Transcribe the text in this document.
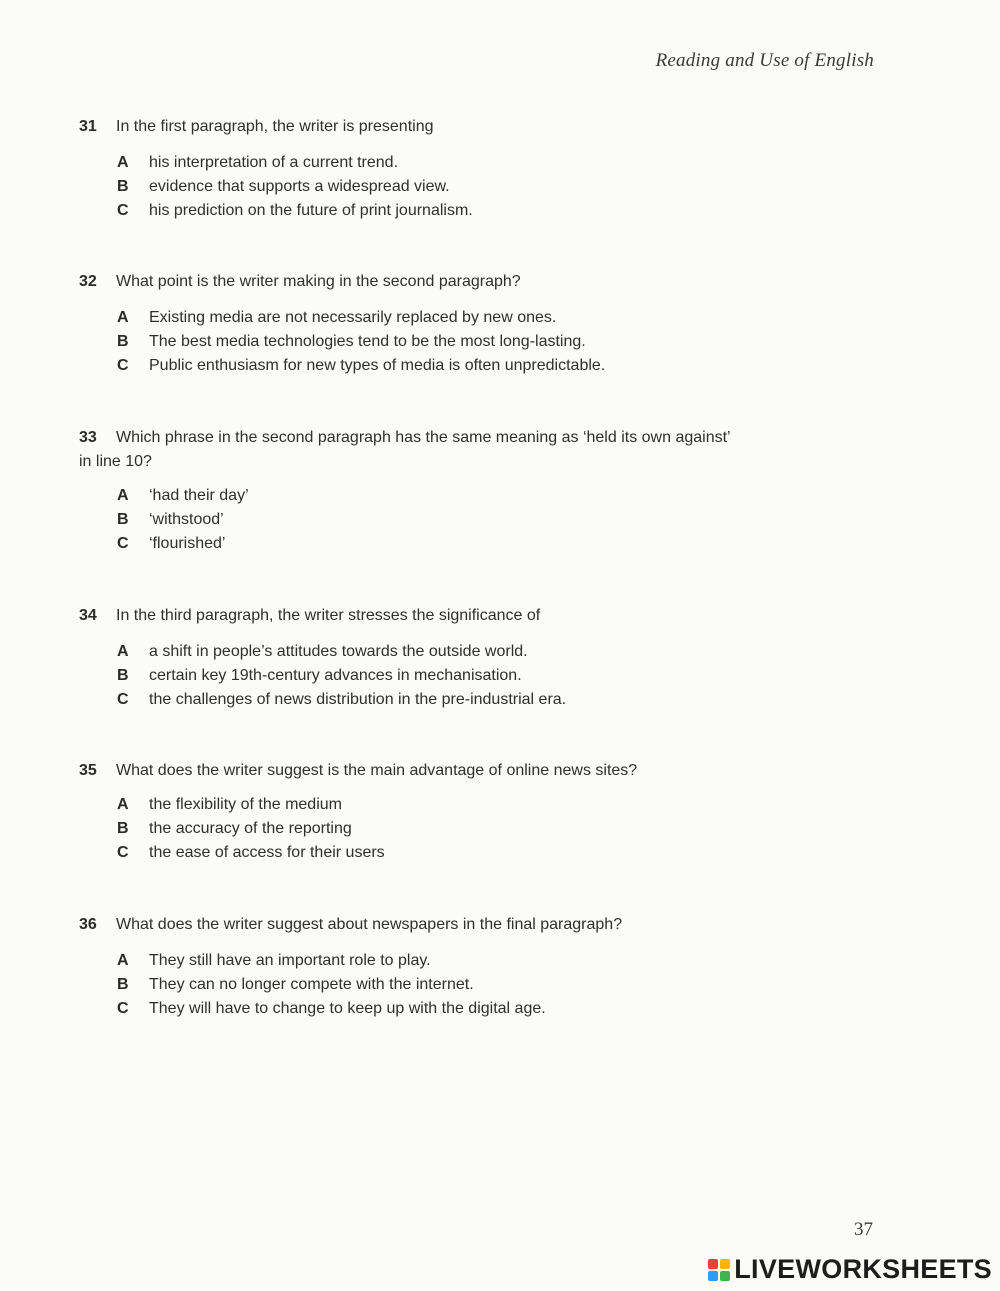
Reading and Use of English
31	In the first paragraph, the writer is presenting
A	his interpretation of a current trend.
B	evidence that supports a widespread view.
C	his prediction on the future of print journalism.
32	What point is the writer making in the second paragraph?
A	Existing media are not necessarily replaced by new ones.
B	The best media technologies tend to be the most long-lasting.
C	Public enthusiasm for new types of media is often unpredictable.
33	Which phrase in the second paragraph has the same meaning as ‘held its own against’
in line 10?
A	‘had their day’
B	‘withstood’
C	‘flourished’
34	In the third paragraph, the writer stresses the significance of
A	a shift in people’s attitudes towards the outside world.
B	certain key 19th-century advances in mechanisation.
C	the challenges of news distribution in the pre-industrial era.
35	What does the writer suggest is the main advantage of online news sites?
A	the flexibility of the medium
B	the accuracy of the reporting
C	the ease of access for their users
36	What does the writer suggest about newspapers in the final paragraph?
A	They still have an important role to play.
B	They can no longer compete with the internet.
C	They will have to change to keep up with the digital age.
37
LIVEWORKSHEETS
